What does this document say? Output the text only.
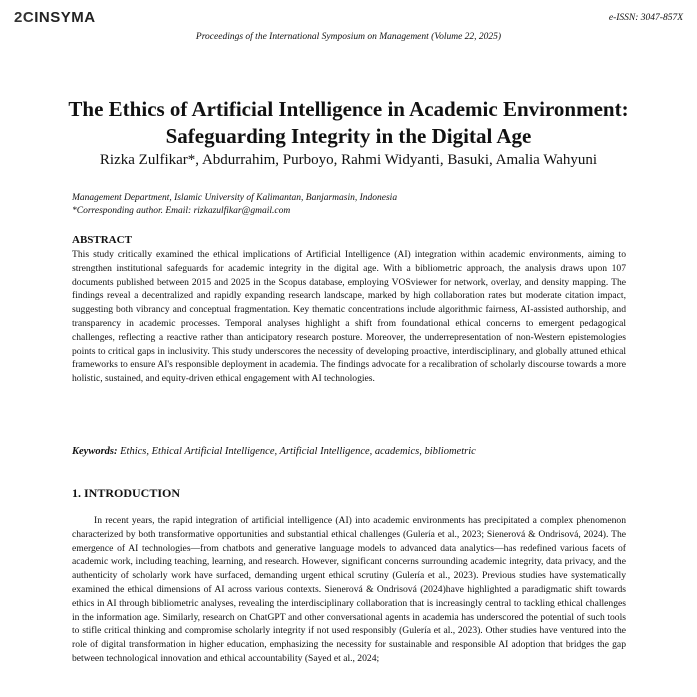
2C INSYMA	e-ISSN: 3047-857X
Proceedings of the International Symposium on Management (Volume 22, 2025)
The Ethics of Artificial Intelligence in Academic Environment: Safeguarding Integrity in the Digital Age
Rizka Zulfikar*, Abdurrahim, Purboyo, Rahmi Widyanti, Basuki, Amalia Wahyuni
Management Department, Islamic University of Kalimantan, Banjarmasin, Indonesia
*Corresponding author. Email: rizkazulfikar@gmail.com
ABSTRACT
This study critically examined the ethical implications of Artificial Intelligence (AI) integration within academic environments, aiming to strengthen institutional safeguards for academic integrity in the digital age. With a bibliometric approach, the analysis draws upon 107 documents published between 2015 and 2025 in the Scopus database, employing VOSviewer for network, overlay, and density mapping. The findings reveal a decentralized and rapidly expanding research landscape, marked by high collaboration rates but moderate citation impact, suggesting both vibrancy and conceptual fragmentation. Key thematic concentrations include algorithmic fairness, AI-assisted authorship, and transparency in academic processes. Temporal analyses highlight a shift from foundational ethical concerns to emergent pedagogical challenges, reflecting a reactive rather than anticipatory research posture. Moreover, the underrepresentation of non-Western epistemologies points to critical gaps in inclusivity. This study underscores the necessity of developing proactive, interdisciplinary, and globally attuned ethical frameworks to ensure AI's responsible deployment in academia. The findings advocate for a recalibration of scholarly discourse towards a more holistic, sustained, and equity-driven ethical engagement with AI technologies.
Keywords: Ethics, Ethical Artificial Intelligence, Artificial Intelligence, academics, bibliometric
1. INTRODUCTION
In recent years, the rapid integration of artificial intelligence (AI) into academic environments has precipitated a complex phenomenon characterized by both transformative opportunities and substantial ethical challenges (Gulería et al., 2023; Sienerová & Ondrisová, 2024). The emergence of AI technologies—from chatbots and generative language models to advanced data analytics—has redefined various facets of academic work, including teaching, learning, and research. However, significant concerns surrounding academic integrity, data privacy, and the authenticity of scholarly work have surfaced, demanding urgent ethical scrutiny (Gulería et al., 2023). Previous studies have systematically examined the ethical dimensions of AI across various contexts. Sienerová & Ondrisová (2024)have highlighted a paradigmatic shift towards ethics in AI through bibliometric analyses, revealing the interdisciplinary collaboration that is increasingly central to tackling ethical challenges in the information age. Similarly, research on ChatGPT and other conversational agents in academia has underscored the potential of such tools to stifle critical thinking and compromise scholarly integrity if not used responsibly (Gulería et al., 2023). Other studies have ventured into the role of digital transformation in higher education, emphasizing the necessity for sustainable and responsible AI adoption that bridges the gap between technological innovation and ethical accountability (Sayed et al., 2024;
